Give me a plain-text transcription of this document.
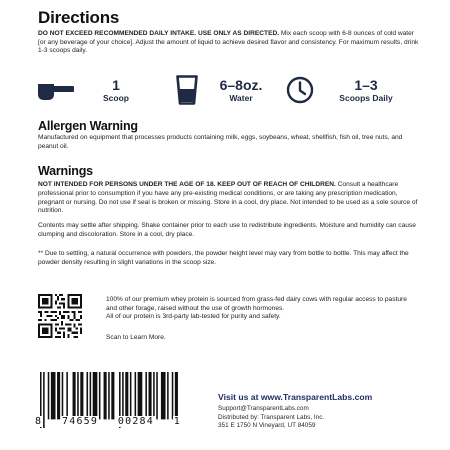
Directions

DO NOT EXCEED RECOMMENDED DAILY INTAKE. USE ONLY AS DIRECTED. Mix each scoop with 6-8 ounces of cold water [or any beverage of your choice]. Adjust the amount of liquid to achieve desired flavor and consistency. For maximum results, drink 1-3 scoops daily.

1
Scoop
6–8oz.
Water
1–3
Scoops Daily
Allergen Warning

Manufactured on equipment that processes products containing milk, eggs, soybeans, wheat, shellfish, fish oil, tree nuts, and peanut oil.

Warnings

NOT INTENDED FOR PERSONS UNDER THE AGE OF 18. KEEP OUT OF REACH OF CHILDREN. Consult a healthcare professional prior to consumption if you have any pre-existing medical conditions, or are taking any prescription medication, pregnant or nursing. Do not use if seal is broken or missing. Store in a cool, dry place. Not intended to be used as a sole source of nutrition.

Contents may settle after shipping. Shake container prior to each use to redistribute ingredients. Moisture and humidity can cause clumping and discoloration. Store in a cool, dry place.

** Due to settling, a natural occurrence with powders, the powder height level may vary from bottle to bottle. This may affect the powder density resulting in slight variations in the scoop size.

100% of our premium whey protein is sourced from grass-fed dairy cows with regular access to pasture and other forage, raised without the use of growth hormones.
All of our protein is 3rd-party lab-tested for purity and safety.

Scan to Learn More.

8 74659 00284 1

Visit us at www.TransparentLabs.com

Support@TransparentLabs.com
Distributed by: Transparent Labs, Inc.
351 E 1750 N Vineyard, UT 84059
